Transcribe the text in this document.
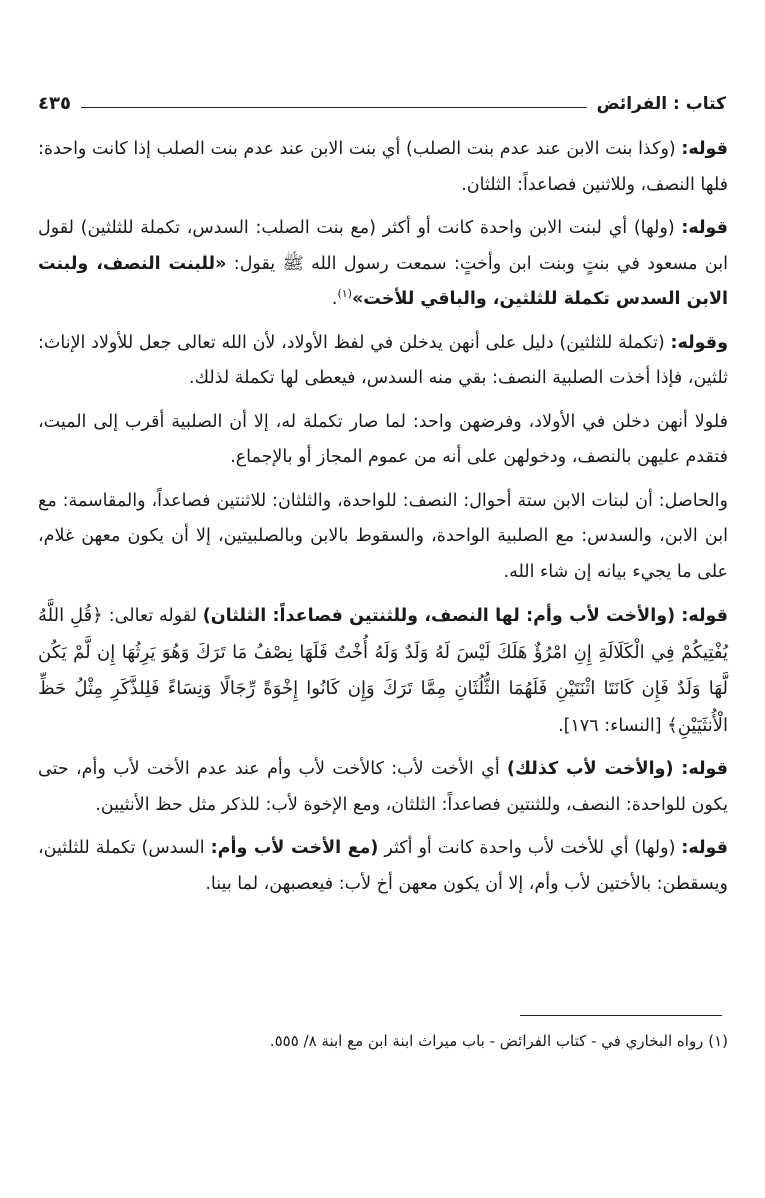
كتاب : الفرائض
٤٣٥

قوله: (وكذا بنت الابن عند عدم بنت الصلب) أي بنت الابن عند عدم بنت الصلب إذا كانت واحدة: فلها النصف، وللاثنين فصاعداً: الثلثان.

قوله: (ولها) أي لبنت الابن واحدة كانت أو أكثر (مع بنت الصلب: السدس، تكملة للثلثين) لقول ابن مسعود في بنتٍ وبنت ابن وأختٍ: سمعت رسول الله ﷺ يقول: «للبنت النصف، ولبنت الابن السدس تكملة للثلثين، والباقي للأخت»$^{(١)}$.

وقوله: (تكملة للثلثين) دليل على أنهن يدخلن في لفظ الأولاد، لأن الله تعالى جعل للأولاد الإناث: ثلثين، فإذا أخذت الصلبية النصف: بقي منه السدس، فيعطى لها تكملة لذلك.

فلولا أنهن دخلن في الأولاد، وفرضهن واحد: لما صار تكملة له، إلا أن الصلبية أقرب إلى الميت، فتقدم عليهن بالنصف، ودخولهن على أنه من عموم المجاز أو بالإجماع.

والحاصل: أن لبنات الابن ستة أحوال: النصف: للواحدة، والثلثان: للاثنتين فصاعداً، والمقاسمة: مع ابن الابن، والسدس: مع الصلبية الواحدة، والسقوط بالابن وبالصلبيتين، إلا أن يكون معهن غلام، على ما يجيء بيانه إن شاء الله.

قوله: (والأخت لأب وأم: لها النصف، وللثنتين فصاعداً: الثلثان) لقوله تعالى: ﴿قُلِ اللَّهُ يُفْتِيكُمْ فِي الْكَلَالَةِ إِنِ امْرُؤٌ هَلَكَ لَيْسَ لَهُ وَلَدٌ وَلَهُ أُخْتٌ فَلَهَا نِصْفُ مَا تَرَكَ وَهُوَ يَرِثُهَا إِن لَّمْ يَكُن لَّهَا وَلَدٌ فَإِن كَانَتَا اثْنَتَيْنِ فَلَهُمَا الثُّلُثَانِ مِمَّا تَرَكَ وَإِن كَانُوا إِخْوَةً رِّجَالًا وَنِسَاءً فَلِلذَّكَرِ مِثْلُ حَظِّ الْأُنثَيَيْنِ﴾ [النساء: ١٧٦].

قوله: (والأخت لأب كذلك) أي الأخت لأب: كالأخت لأب وأم عند عدم الأخت لأب وأم، حتى يكون للواحدة: النصف، وللثنتين فصاعداً: الثلثان، ومع الإخوة لأب: للذكر مثل حظ الأنثيين.

قوله: (ولها) أي للأخت لأب واحدة كانت أو أكثر (مع الأخت لأب وأم: السدس) تكملة للثلثين، ويسقطن: بالأختين لأب وأم، إلا أن يكون معهن أخ لأب: فيعصبهن، لما بينا.

(١) رواه البخاري في - كتاب الفرائض - باب ميراث ابنة ابن مع ابنة ٨/ ٥٥٥.
